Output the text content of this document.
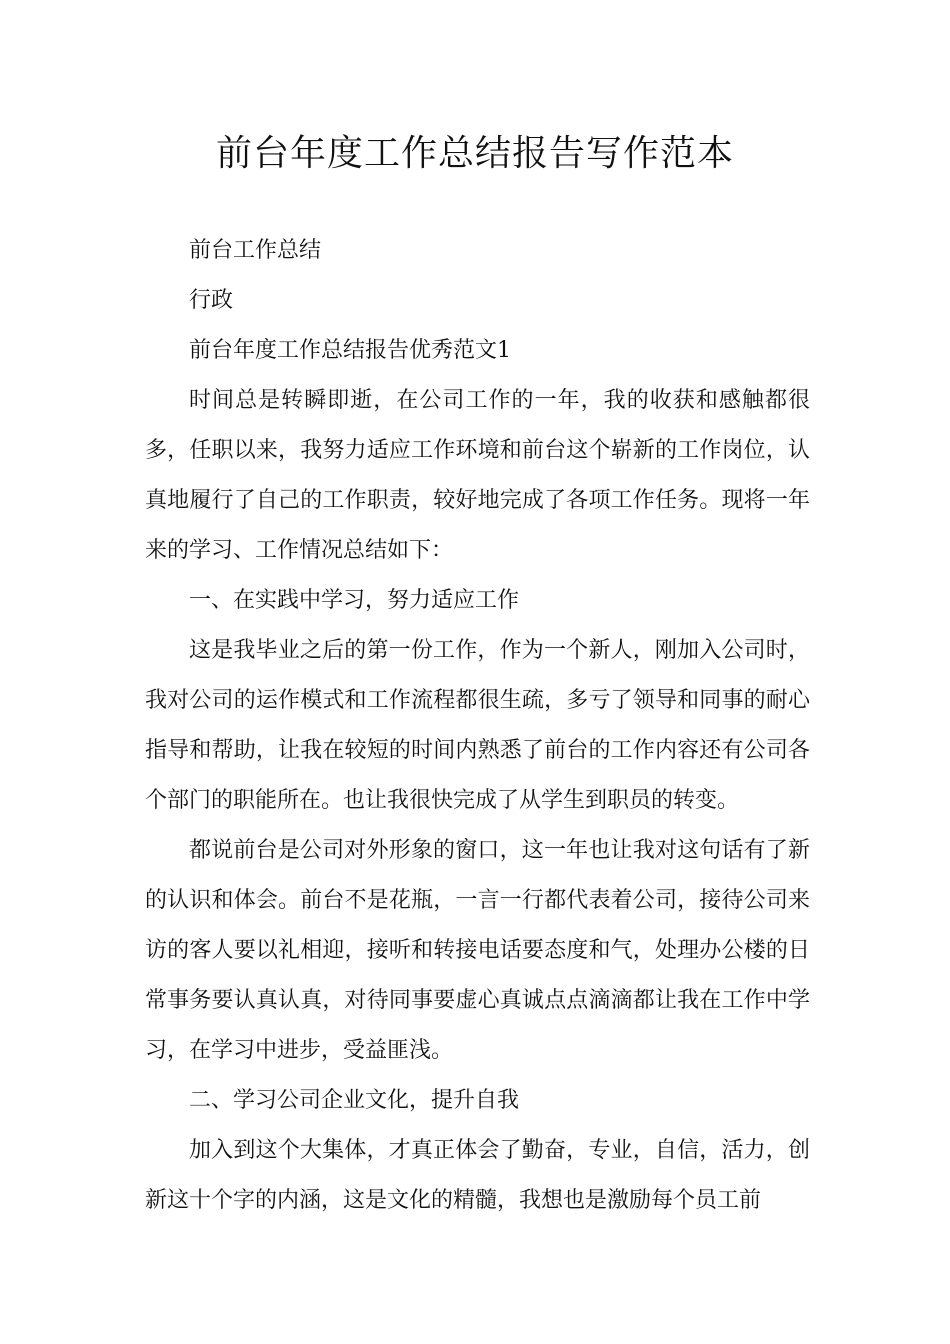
前台年度工作总结报告写作范本

前台工作总结

行政

前台年度工作总结报告优秀范文1

时间总是转瞬即逝，在公司工作的一年，我的收获和感触都很多，任职以来，我努力适应工作环境和前台这个崭新的工作岗位，认真地履行了自己的工作职责，较好地完成了各项工作任务。现将一年来的学习、工作情况总结如下：

一、在实践中学习，努力适应工作

这是我毕业之后的第一份工作，作为一个新人，刚加入公司时，我对公司的运作模式和工作流程都很生疏，多亏了领导和同事的耐心指导和帮助，让我在较短的时间内熟悉了前台的工作内容还有公司各个部门的职能所在。也让我很快完成了从学生到职员的转变。

都说前台是公司对外形象的窗口，这一年也让我对这句话有了新的认识和体会。前台不是花瓶，一言一行都代表着公司，接待公司来访的客人要以礼相迎，接听和转接电话要态度和气，处理办公楼的日常事务要认真认真，对待同事要虚心真诚点点滴滴都让我在工作中学习，在学习中进步，受益匪浅。

二、学习公司企业文化，提升自我

加入到这个大集体，才真正体会了勤奋，专业，自信，活力，创新这十个字的内涵，这是文化的精髓，我想也是激励每个员工前
